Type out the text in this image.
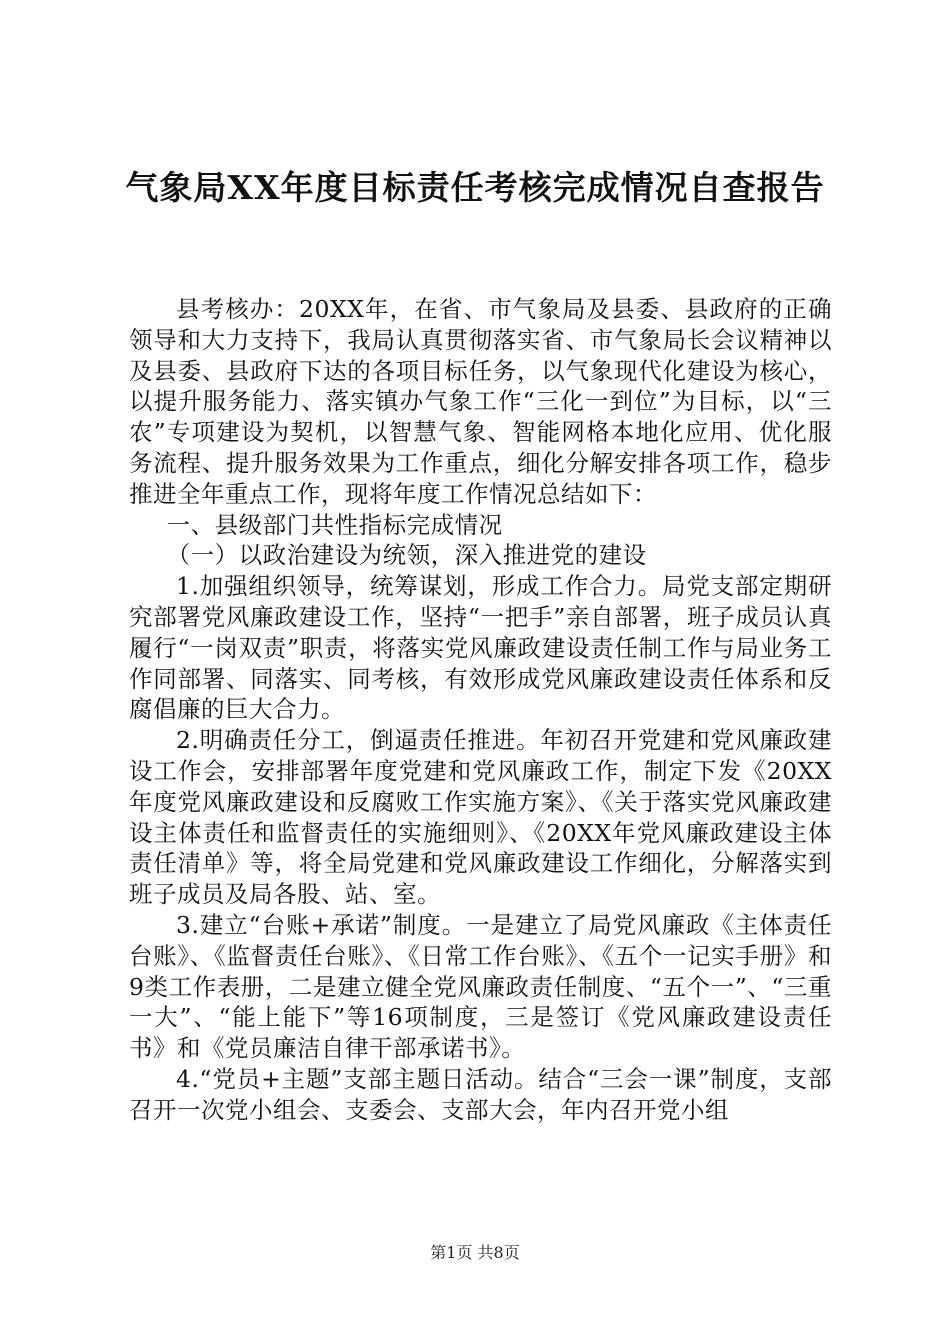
气象局XX年度目标责任考核完成情况自查报告

县考核办：20XX年，在省、市气象局及县委、县政府的正确领导和大力支持下，我局认真贯彻落实省、市气象局长会议精神以及县委、县政府下达的各项目标任务，以气象现代化建设为核心，以提升服务能力、落实镇办气象工作“三化一到位”为目标，以“三农”专项建设为契机，以智慧气象、智能网格本地化应用、优化服务流程、提升服务效果为工作重点，细化分解安排各项工作，稳步推进全年重点工作，现将年度工作情况总结如下：

一、县级部门共性指标完成情况

（一）以政治建设为统领，深入推进党的建设

1.加强组织领导，统筹谋划，形成工作合力。局党支部定期研究部署党风廉政建设工作，坚持“一把手”亲自部署，班子成员认真履行“一岗双责”职责，将落实党风廉政建设责任制工作与局业务工作同部署、同落实、同考核，有效形成党风廉政建设责任体系和反腐倡廉的巨大合力。

2.明确责任分工，倒逼责任推进。年初召开党建和党风廉政建设工作会，安排部署年度党建和党风廉政工作，制定下发《20XX年度党风廉政建设和反腐败工作实施方案》、《关于落实党风廉政建设主体责任和监督责任的实施细则》、《20XX年党风廉政建设主体责任清单》等，将全局党建和党风廉政建设工作细化，分解落实到班子成员及局各股、站、室。

3.建立“台账+承诺”制度。一是建立了局党风廉政《主体责任台账》、《监督责任台账》、《日常工作台账》、《五个一记实手册》和9类工作表册，二是建立健全党风廉政责任制度、“五个一”、“三重一大”、“能上能下”等16项制度，三是签订《党风廉政建设责任书》和《党员廉洁自律干部承诺书》。

4.“党员+主题”支部主题日活动。结合“三会一课”制度，支部召开一次党小组会、支委会、支部大会，年内召开党小组

第1页 共8页
